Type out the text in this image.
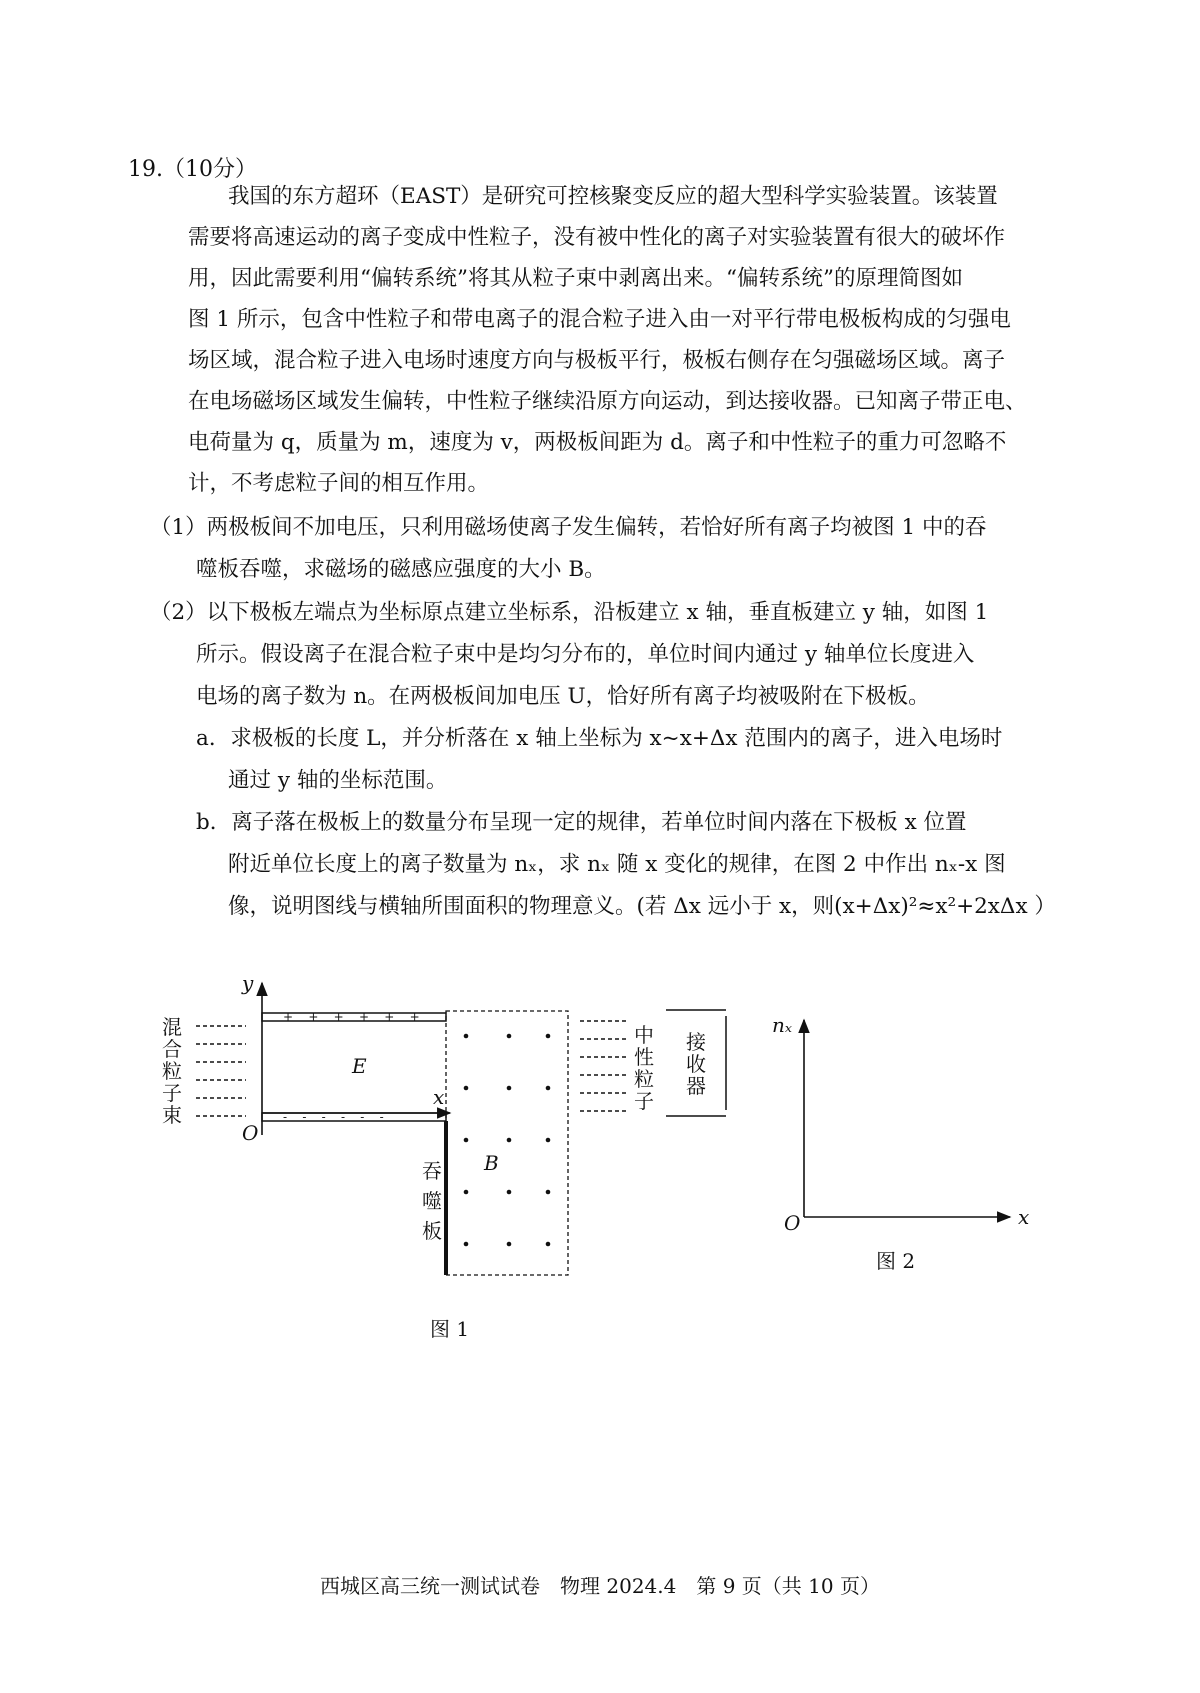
19.（10分）
我国的东方超环（EAST）是研究可控核聚变反应的超大型科学实验装置。该装置
需要将高速运动的离子变成中性粒子，没有被中性化的离子对实验装置有很大的破坏作
用，因此需要利用“偏转系统”将其从粒子束中剥离出来。“偏转系统”的原理简图如
图 1 所示，包含中性粒子和带电离子的混合粒子进入由一对平行带电极板构成的匀强电
场区域，混合粒子进入电场时速度方向与极板平行，极板右侧存在匀强磁场区域。离子
在电场磁场区域发生偏转，中性粒子继续沿原方向运动，到达接收器。已知离子带正电、
电荷量为 q，质量为 m，速度为 v，两极板间距为 d。离子和中性粒子的重力可忽略不
计，不考虑粒子间的相互作用。
（1）两极板间不加电压，只利用磁场使离子发生偏转，若恰好所有离子均被图 1 中的吞
噬板吞噬，求磁场的磁感应强度的大小 B。
（2）以下极板左端点为坐标原点建立坐标系，沿板建立 x 轴，垂直板建立 y 轴，如图 1
所示。假设离子在混合粒子束中是均匀分布的，单位时间内通过 y 轴单位长度进入
电场的离子数为 n。在两极板间加电压 U，恰好所有离子均被吸附在下极板。
a．求极板的长度 L，并分析落在 x 轴上坐标为 x~x+Δx 范围内的离子，进入电场时
通过 y 轴的坐标范围。
b．离子落在极板上的数量分布呈现一定的规律，若单位时间内落在下极板 x 位置
附近单位长度上的离子数量为 nₓ，求 nₓ 随 x 变化的规律，在图 2 中作出 nₓ-x 图
像，说明图线与横轴所围面积的物理意义。(若 Δx 远小于 x，则(x+Δx)²≈x²+2xΔx ）
y
O
+    +    +    +    +    +
-    -    -    -    -    -
x
E
混
合
粒
子
束
B
吞
噬
板
中
性
粒
子
接
收
器
图 1
nₓ
x
O
图 2
西城区高三统一测试试卷　物理 2024.4　第 9 页（共 10 页）
